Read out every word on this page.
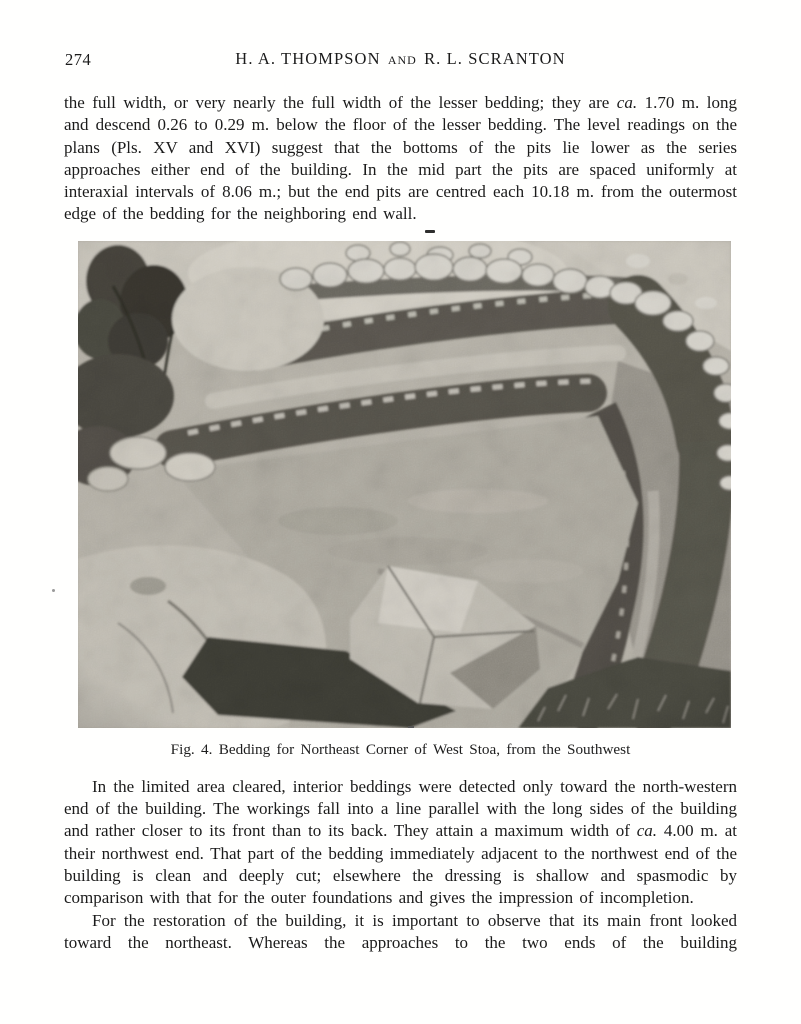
274	H. A. THOMPSON AND R. L. SCRANTON

the full width, or very nearly the full width of the lesser bedding; they are ca. 1.70 m. long and descend 0.26 to 0.29 m. below the floor of the lesser bedding. The level readings on the plans (Pls. XV and XVI) suggest that the bottoms of the pits lie lower as the series approaches either end of the building. In the mid part the pits are spaced uniformly at interaxial intervals of 8.06 m.; but the end pits are centred each 10.18 m. from the outermost edge of the bedding for the neighboring end wall.

Fig. 4. Bedding for Northeast Corner of West Stoa, from the Southwest

In the limited area cleared, interior beddings were detected only toward the north-western end of the building. The workings fall into a line parallel with the long sides of the building and rather closer to its front than to its back. They attain a maximum width of ca. 4.00 m. at their northwest end. That part of the bedding immediately adjacent to the northwest end of the building is clean and deeply cut; elsewhere the dressing is shallow and spasmodic by comparison with that for the outer foundations and gives the impression of incompletion.

For the restoration of the building, it is important to observe that its main front looked toward the northeast. Whereas the approaches to the two ends of the building
